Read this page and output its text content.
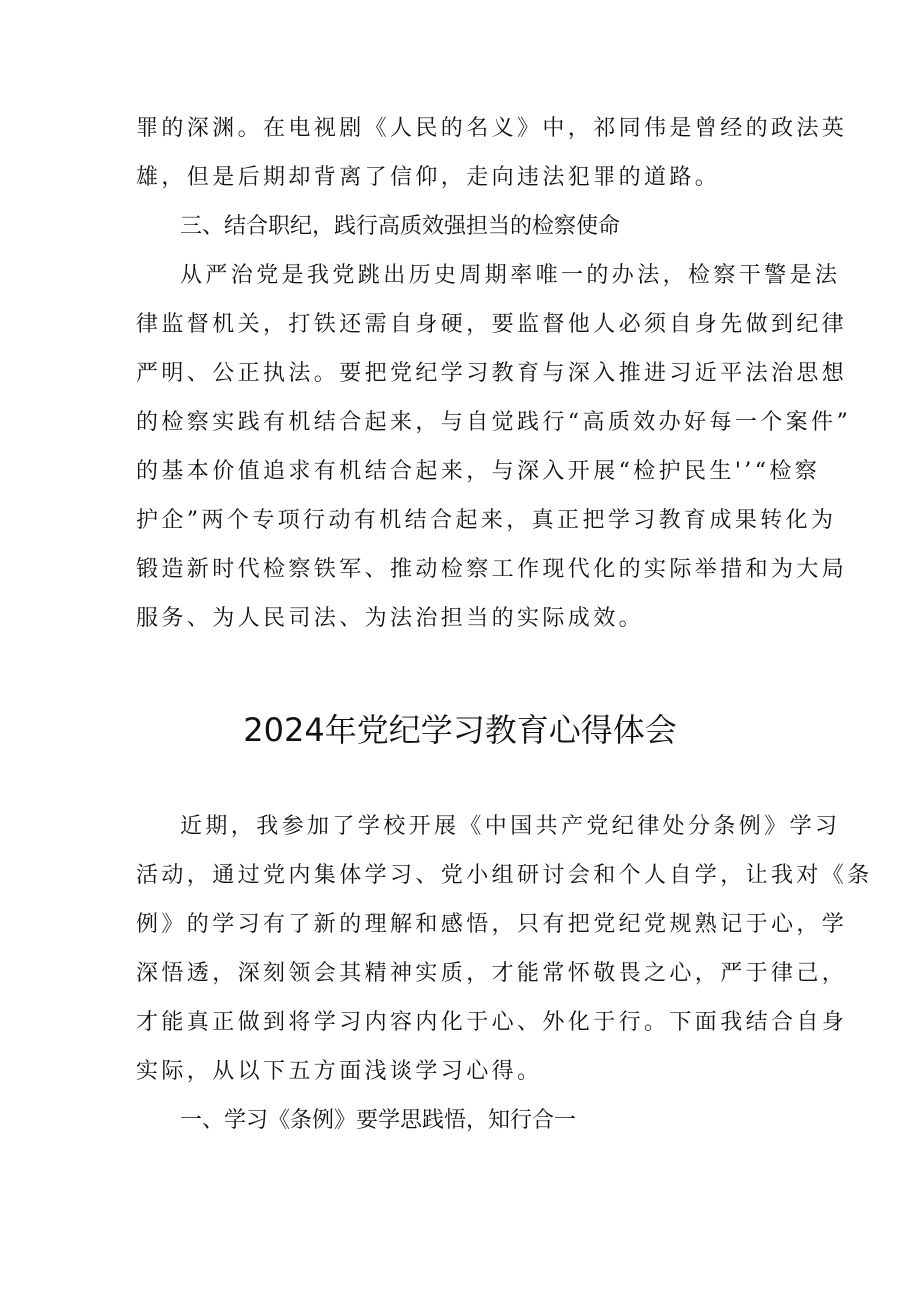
罪的深渊。在电视剧《人民的名义》中，祁同伟是曾经的政法英
雄，但是后期却背离了信仰，走向违法犯罪的道路。
三、结合职纪，践行高质效强担当的检察使命
从严治党是我党跳出历史周期率唯一的办法，检察干警是法
律监督机关，打铁还需自身硬，要监督他人必须自身先做到纪律
严明、公正执法。要把党纪学习教育与深入推进习近平法治思想
的检察实践有机结合起来，与自觉践行“高质效办好每一个案件”
的基本价值追求有机结合起来，与深入开展“检护民生'’“检察
护企”两个专项行动有机结合起来，真正把学习教育成果转化为
锻造新时代检察铁军、推动检察工作现代化的实际举措和为大局
服务、为人民司法、为法治担当的实际成效。
2024年党纪学习教育心得体会
近期，我参加了学校开展《中国共产党纪律处分条例》学习
活动，通过党内集体学习、党小组研讨会和个人自学，让我对《条
例》的学习有了新的理解和感悟，只有把党纪党规熟记于心，学
深悟透，深刻领会其精神实质，才能常怀敬畏之心，严于律己，
才能真正做到将学习内容内化于心、外化于行。下面我结合自身
实际，从以下五方面浅谈学习心得。
一、学习《条例》要学思践悟，知行合一
